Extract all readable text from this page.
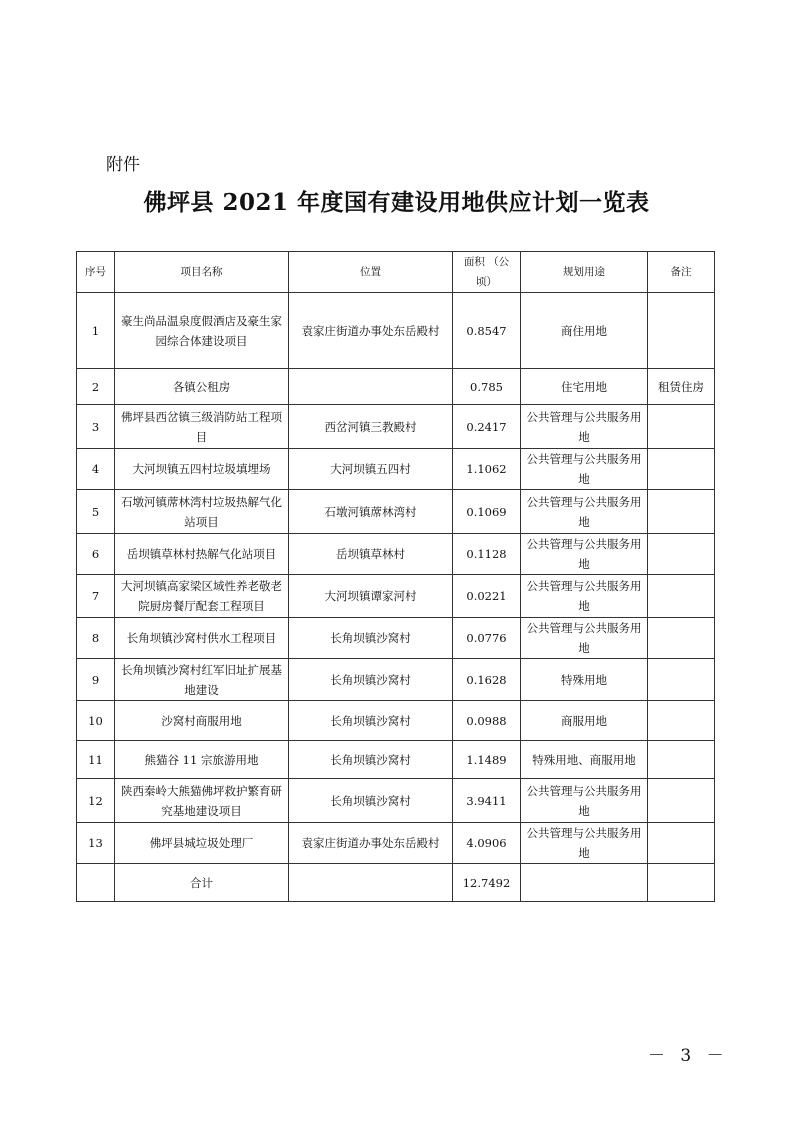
附件
佛坪县 2021 年度国有建设用地供应计划一览表
序号	项目名称	位置	面积 （公顷）	规划用途	备注
1	豪生尚品温泉度假酒店及豪生家园综合体建设项目	袁家庄街道办事处东岳殿村	0.8547	商住用地	
2	各镇公租房		0.785	住宅用地	租赁住房
3	佛坪县西岔镇三级消防站工程项目	西岔河镇三教殿村	0.2417	公共管理与公共服务用地	
4	大河坝镇五四村垃圾填埋场	大河坝镇五四村	1.1062	公共管理与公共服务用地	
5	石墩河镇蓆林湾村垃圾热解气化站项目	石墩河镇蓆林湾村	0.1069	公共管理与公共服务用地	
6	岳坝镇草林村热解气化站项目	岳坝镇草林村	0.1128	公共管理与公共服务用地	
7	大河坝镇高家梁区域性养老敬老院厨房餐厅配套工程项目	大河坝镇谭家河村	0.0221	公共管理与公共服务用地	
8	长角坝镇沙窝村供水工程项目	长角坝镇沙窝村	0.0776	公共管理与公共服务用地	
9	长角坝镇沙窝村红军旧址扩展基地建设	长角坝镇沙窝村	0.1628	特殊用地	
10	沙窝村商服用地	长角坝镇沙窝村	0.0988	商服用地	
11	熊猫谷 11 宗旅游用地	长角坝镇沙窝村	1.1489	特殊用地、商服用地	
12	陕西秦岭大熊猫佛坪救护繁育研究基地建设项目	长角坝镇沙窝村	3.9411	公共管理与公共服务用地	
13	佛坪县城垃圾处理厂	袁家庄街道办事处东岳殿村	4.0906	公共管理与公共服务用地	
	合计		12.7492		
－ 3 －
